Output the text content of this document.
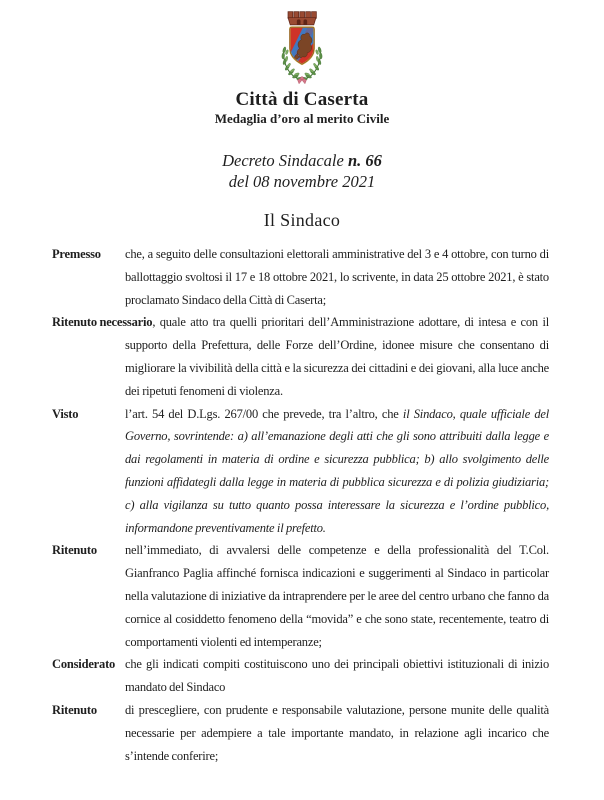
Città di Caserta
Medaglia d’oro al merito Civile
Decreto Sindacale n. 66
del 08 novembre 2021
Il Sindaco
Premesso che, a seguito delle consultazioni elettorali amministrative del 3 e 4 ottobre, con turno di ballottaggio svoltosi il 17 e 18 ottobre 2021, lo scrivente, in data 25 ottobre 2021, è stato proclamato Sindaco della Città di Caserta;
Ritenuto necessario, quale atto tra quelli prioritari dell’Amministrazione adottare, di intesa e con il supporto della Prefettura, delle Forze dell’Ordine, idonee misure che consentano di migliorare la vivibilità della città e la sicurezza dei cittadini e dei giovani, alla luce anche dei ripetuti fenomeni di violenza.
Visto	l’art. 54 del D.Lgs. 267/00 che prevede, tra l’altro, che il Sindaco, quale ufficiale del Governo, sovrintende: a) all’emanazione degli atti che gli sono attribuiti dalla legge e dai regolamenti in materia di ordine e sicurezza pubblica; b) allo svolgimento delle funzioni affidategli dalla legge in materia di pubblica sicurezza e di polizia giudiziaria; c) alla vigilanza su tutto quanto possa interessare la sicurezza e l’ordine pubblico, informandone preventivamente il prefetto.
Ritenuto nell’immediato, di avvalersi delle competenze e della professionalità del T.Col. Gianfranco Paglia affinché fornisca indicazioni e suggerimenti al Sindaco in particolar nella valutazione di iniziative da intraprendere per le aree del centro urbano che fanno da cornice al cosiddetto fenomeno della “movida” e che sono state, recentemente, teatro di comportamenti violenti ed intemperanze;
Considerato che gli indicati compiti costituiscono uno dei principali obiettivi istituzionali di inizio mandato del Sindaco
Ritenuto di prescegliere, con prudente e responsabile valutazione, persone munite delle qualità necessarie per adempiere a tale importante mandato, in relazione agli incarico che s’intende conferire;
